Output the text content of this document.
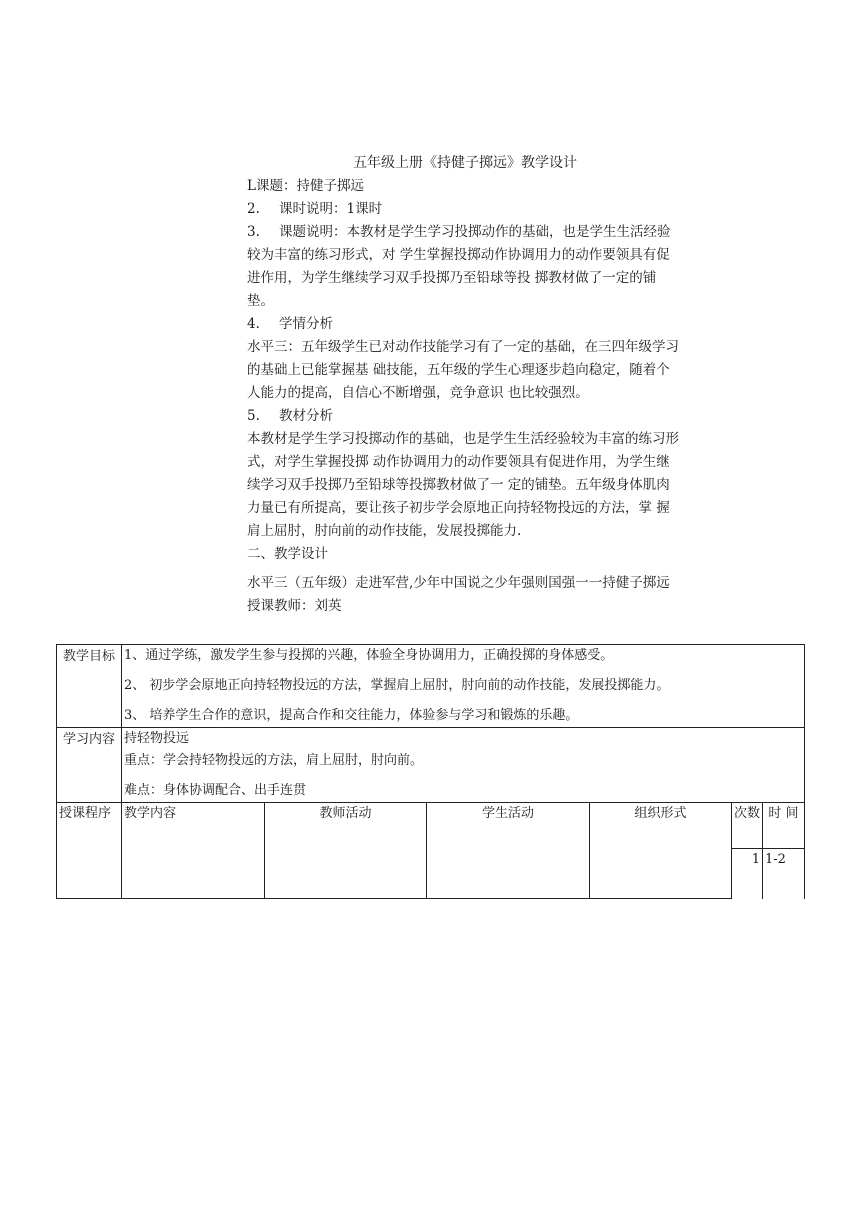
五年级上册《持健子掷远》教学设计

L课题：持健子掷远

2. 课时说明：1课时

3. 课题说明：本教材是学生学习投掷动作的基础，也是学生生活经验较为丰富的练习形式，对 学生掌握投掷动作协调用力的动作要领具有促进作用，为学生继续学习双手投掷乃至铅球等投 掷教材做了一定的铺垫。

4. 学情分析

水平三：五年级学生已对动作技能学习有了一定的基础，在三四年级学习的基础上已能掌握基 础技能，五年级的学生心理逐步趋向稳定，随着个人能力的提高，自信心不断增强，竞争意识 也比较强烈。

5. 教材分析

本教材是学生学习投掷动作的基础，也是学生生活经验较为丰富的练习形式，对学生掌握投掷 动作协调用力的动作要领具有促进作用，为学生继续学习双手投掷乃至铅球等投掷教材做了一 定的铺垫。五年级身体肌肉力量已有所提高，要让孩子初步学会原地正向持轻物投远的方法，掌 握肩上屈肘，肘向前的动作技能，发展投掷能力.

二、教学设计

水平三（五年级）走进军营,少年中国说之少年强则国强一一持健子掷远

授课教师：刘英

教学目标	1、通过学练，激发学生参与投掷的兴趣，体验全身协调用力，正确投掷的身体感受。

2、 初步学会原地正向持轻物投远的方法，掌握肩上屈肘，肘向前的动作技能，发展投掷能力。

3、 培养学生合作的意识，提高合作和交往能力，体验参与学习和锻炼的乐趣。					

学习内容	持轻物投远

重点：学会持轻物投远的方法，肩上屈肘，肘向前。

难点：身体协调配合、出手连贯					

授课程序	教学内容	教师活动	学生活动	组织形式	次数	时 间
					1	1-2
